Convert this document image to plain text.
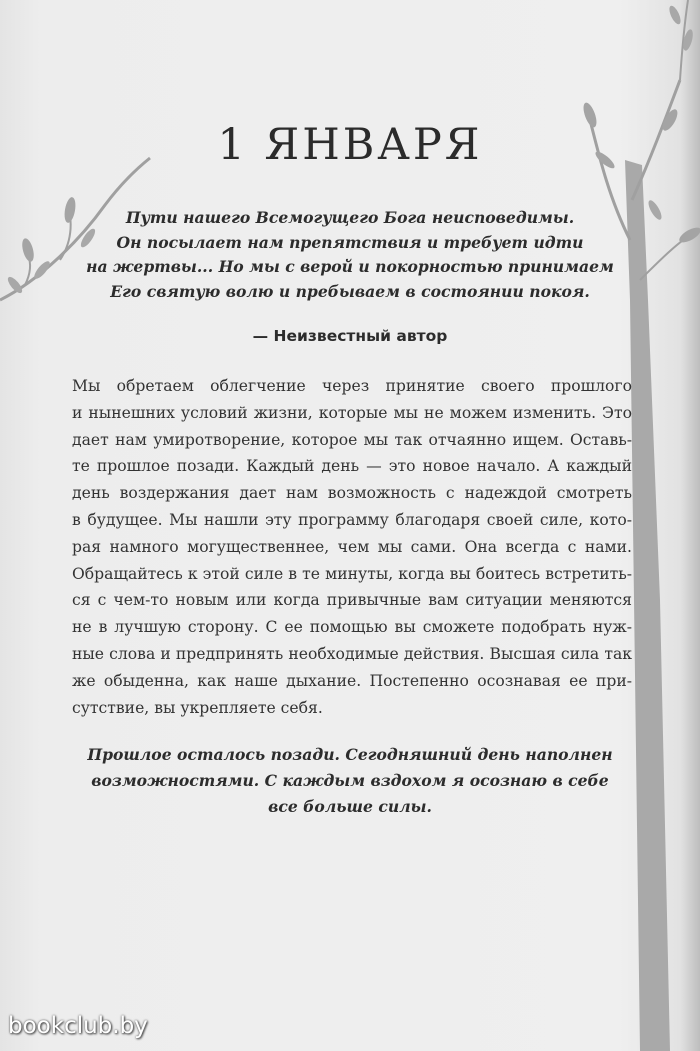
1 ЯНВАРЯ
Пути нашего Всемогущего Бога неисповедимы.
Он посылает нам препятствия и требует идти
на жертвы... Но мы с верой и покорностью принимаем
Его святую волю и пребываем в состоянии покоя.
— Неизвестный автор
Мы обретаем облегчение через принятие своего прошлого
и нынешних условий жизни, которые мы не можем изменить. Это
дает нам умиротворение, которое мы так отчаянно ищем. Оставь-
те прошлое позади. Каждый день — это новое начало. А каждый
день воздержания дает нам возможность с надеждой смотреть
в будущее. Мы нашли эту программу благодаря своей силе, кото-
рая намного могущественнее, чем мы сами. Она всегда с нами.
Обращайтесь к этой силе в те минуты, когда вы боитесь встретить-
ся с чем-то новым или когда привычные вам ситуации меняются
не в лучшую сторону. С ее помощью вы сможете подобрать нуж-
ные слова и предпринять необходимые действия. Высшая сила так
же обыденна, как наше дыхание. Постепенно осознавая ее при-
сутствие, вы укрепляете себя.
Прошлое осталось позади. Сегодняшний день наполнен
возможностями. С каждым вздохом я осознаю в себе
все больше силы.
bookclub.by
